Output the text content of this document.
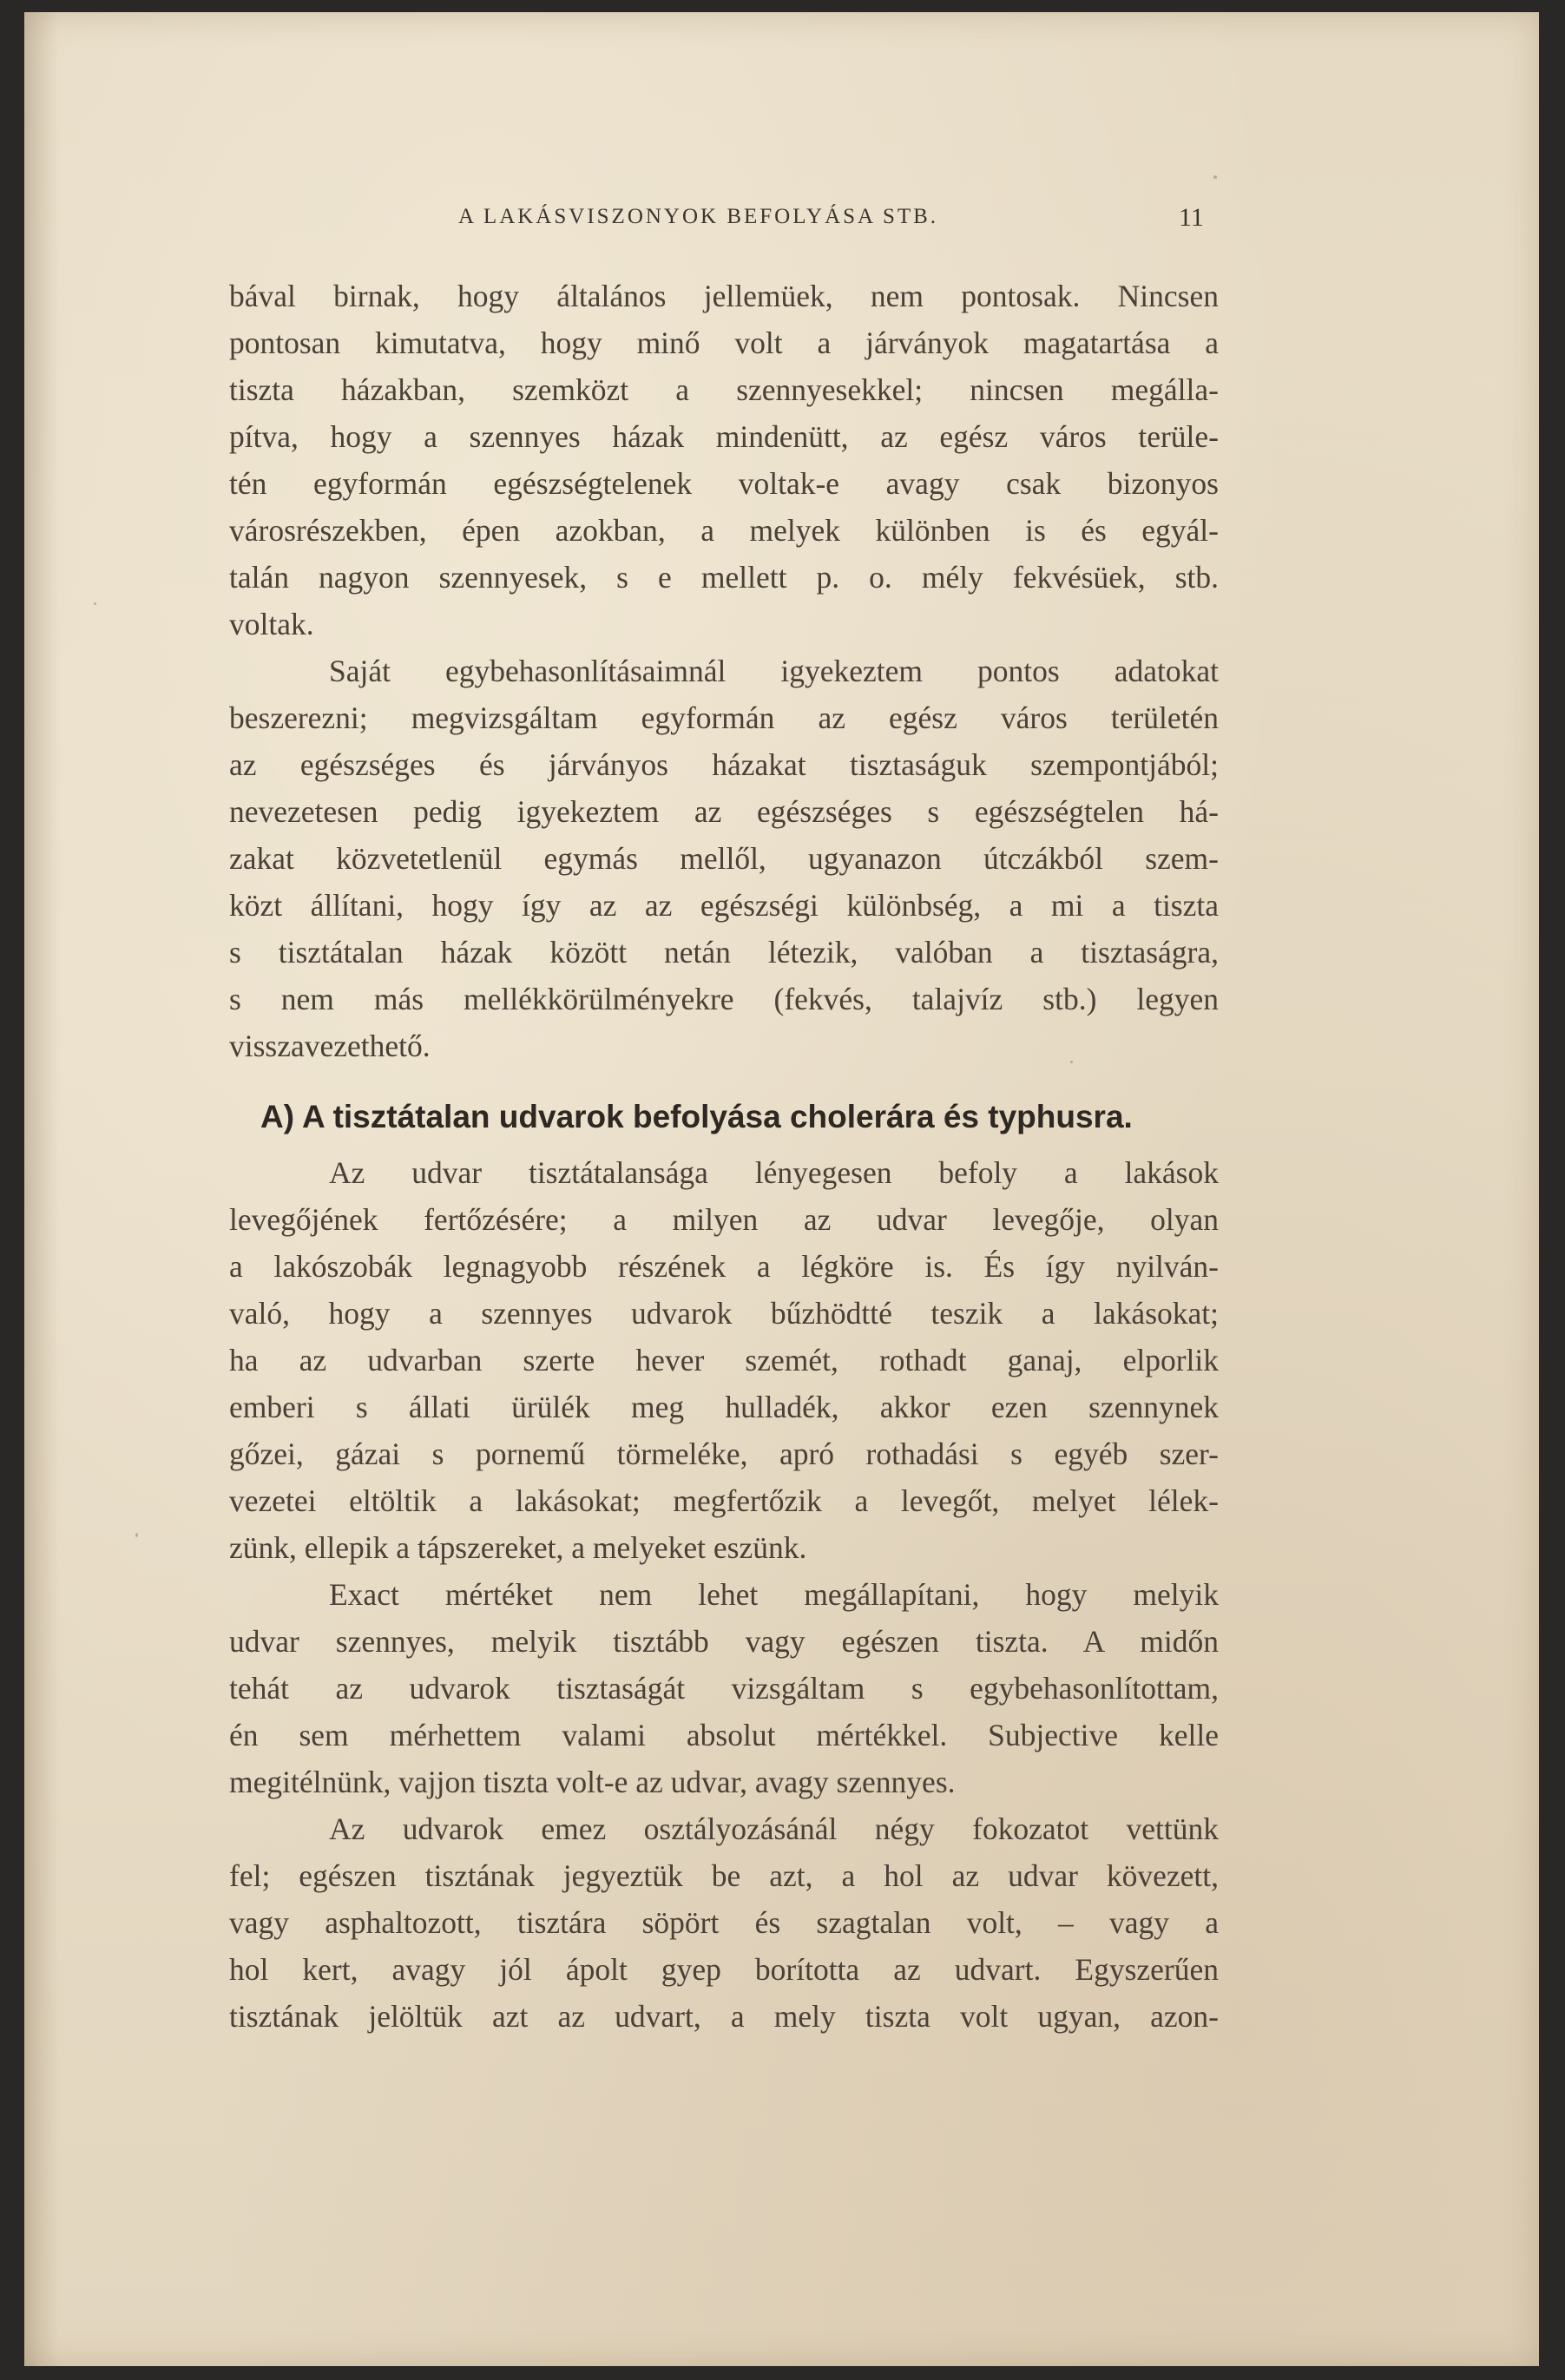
A LAKÁSVISZONYOK BEFOLYÁSA STB.	11
bával birnak, hogy általános jellemüek, nem pontosak. Nincsen
pontosan kimutatva, hogy minő volt a járványok magatartása a
tiszta házakban, szemközt a szennyesekkel; nincsen megálla-
pítva, hogy a szennyes házak mindenütt, az egész város terüle-
tén egyformán egészségtelenek voltak-e avagy csak bizonyos
városrészekben, épen azokban, a melyek különben is és egyál-
talán nagyon szennyesek, s e mellett p. o. mély fekvésüek, stb.
voltak.
Saját egybehasonlításaimnál igyekeztem pontos adatokat
beszerezni; megvizsgáltam egyformán az egész város területén
az egészséges és járványos házakat tisztaságuk szempontjából;
nevezetesen pedig igyekeztem az egészséges s egészségtelen há-
zakat közvetetlenül egymás mellől, ugyanazon útczákból szem-
közt állítani, hogy így az az egészségi különbség, a mi a tiszta
s tisztátalan házak között netán létezik, valóban a tisztaságra,
s nem más mellékkörülményekre (fekvés, talajvíz stb.) legyen
visszavezethető.
A) A tisztátalan udvarok befolyása cholerára és typhusra.
Az udvar tisztátalansága lényegesen befoly a lakások
levegőjének fertőzésére; a milyen az udvar levegője, olyan
a lakószobák legnagyobb részének a légköre is. És így nyilván-
való, hogy a szennyes udvarok bűzhödtté teszik a lakásokat;
ha az udvarban szerte hever szemét, rothadt ganaj, elporlik
emberi s állati ürülék meg hulladék, akkor ezen szennynek
gőzei, gázai s pornemű törmeléke, apró rothadási s egyéb szer-
vezetei eltöltik a lakásokat; megfertőzik a levegőt, melyet lélek-
zünk, ellepik a tápszereket, a melyeket eszünk.
Exact mértéket nem lehet megállapítani, hogy melyik
udvar szennyes, melyik tisztább vagy egészen tiszta. A midőn
tehát az udvarok tisztaságát vizsgáltam s egybehasonlítottam,
én sem mérhettem valami absolut mértékkel. Subjective kelle
megitélnünk, vajjon tiszta volt-e az udvar, avagy szennyes.
Az udvarok emez osztályozásánál négy fokozatot vettünk
fel; egészen tisztának jegyeztük be azt, a hol az udvar kövezett,
vagy asphaltozott, tisztára söpört és szagtalan volt, – vagy a
hol kert, avagy jól ápolt gyep borította az udvart. Egyszerűen
tisztának jelöltük azt az udvart, a mely tiszta volt ugyan, azon-
